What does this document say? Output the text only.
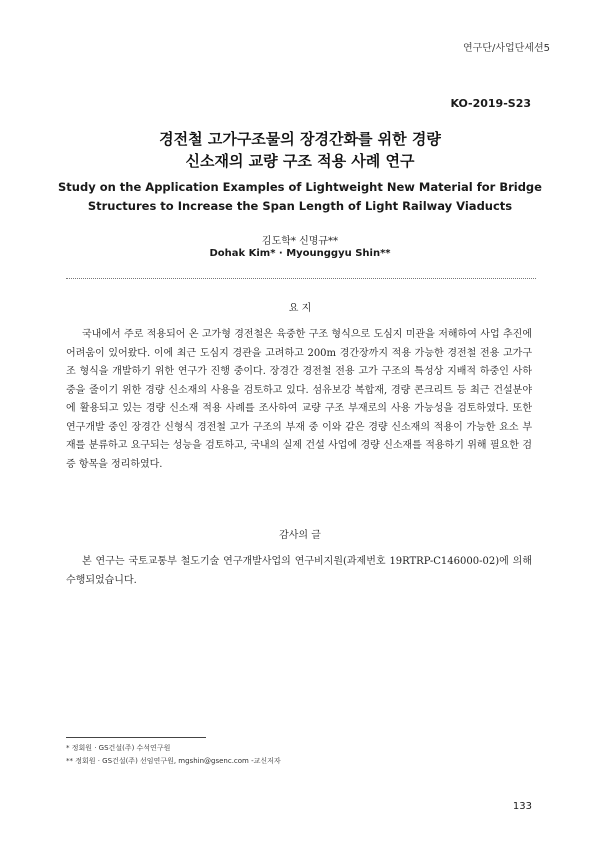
연구단/사업단세션5
KO-2019-S23
경전철 고가구조물의 장경간화를 위한 경량
신소재의 교량 구조 적용 사례 연구
Study on the Application Examples of Lightweight New Material for Bridge
Structures to Increase the Span Length of Light Railway Viaducts
김도학* 신명규**
Dohak Kim* · Myounggyu Shin**
요 지

국내에서 주로 적용되어 온 고가형 경전철은 육중한 구조 형식으로 도심지 미관을 저해하여 사업 추진에 어려움이 있어왔다. 이에 최근 도심지 경관을 고려하고 200m 경간장까지 적용 가능한 경전철 전용 고가구조 형식을 개발하기 위한 연구가 진행 중이다. 장경간 경전철 전용 고가 구조의 특성상 지배적 하중인 사하중을 줄이기 위한 경량 신소재의 사용을 검토하고 있다. 섬유보강 복합재, 경량 콘크리트 등 최근 건설분야에 활용되고 있는 경량 신소재 적용 사례를 조사하여 교량 구조 부재로의 사용 가능성을 검토하였다. 또한 연구개발 중인 장경간 신형식 경전철 고가 구조의 부재 중 이와 같은 경량 신소재의 적용이 가능한 요소 부재를 분류하고 요구되는 성능을 검토하고, 국내의 실제 건설 사업에 경량 신소재를 적용하기 위해 필요한 검증 항목을 정리하였다.

감사의 글

본 연구는 국토교통부 철도기술 연구개발사업의 연구비지원(과제번호 19RTRP-C146000-02)에 의해 수행되었습니다.

* 정회원 · GS건설(주) 수석연구원
** 정회원 · GS건설(주) 선임연구원, mgshin@gsenc.com -교신저자
133
